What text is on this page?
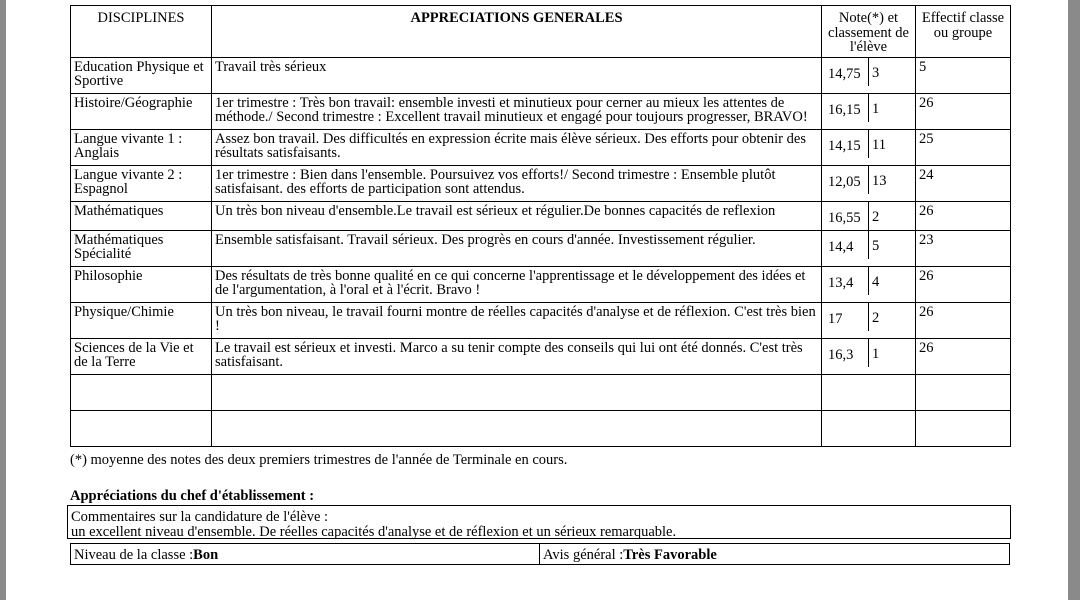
DISCIPLINES	APPRECIATIONS GENERALES	Note(*) et classement de l'élève	Effectif classe ou groupe
Education Physique et Sportive	Travail très sérieux	14,75 3	5
Histoire/Géographie	1er trimestre : Très bon travail: ensemble investi et minutieux pour cerner au mieux les attentes de méthode./ Second trimestre : Excellent travail minutieux et engagé pour toujours progresser, BRAVO!	16,15 1	26
Langue vivante 1 : Anglais	Assez bon travail. Des difficultés en expression écrite mais élève sérieux. Des efforts pour obtenir des résultats satisfaisants.	14,15 11	25
Langue vivante 2 : Espagnol	1er trimestre : Bien dans l'ensemble. Poursuivez vos efforts!/ Second trimestre : Ensemble plutôt satisfaisant. des efforts de participation sont attendus.	12,05 13	24
Mathématiques	Un très bon niveau d'ensemble.Le travail est sérieux et régulier.De bonnes capacités de reflexion	16,55 2	26
Mathématiques Spécialité	Ensemble satisfaisant. Travail sérieux. Des progrès en cours d'année. Investissement régulier.	14,4 5	23
Philosophie	Des résultats de très bonne qualité en ce qui concerne l'apprentissage et le développement des idées et de l'argumentation, à l'oral et à l'écrit. Bravo !	13,4 4	26
Physique/Chimie	Un très bon niveau, le travail fourni montre de réelles capacités d'analyse et de réflexion. C'est très bien !	17 2	26
Sciences de la Vie et de la Terre	Le travail est sérieux et investi. Marco a su tenir compte des conseils qui lui ont été donnés. C'est très satisfaisant.	16,3 1	26

(*) moyenne des notes des deux premiers trimestres de l'année de Terminale en cours.
Appréciations du chef d'établissement :
Commentaires sur la candidature de l'élève :
un excellent niveau d'ensemble. De réelles capacités d'analyse et de réflexion et un sérieux remarquable.
Niveau de la classe :Bon	Avis général :Très Favorable
